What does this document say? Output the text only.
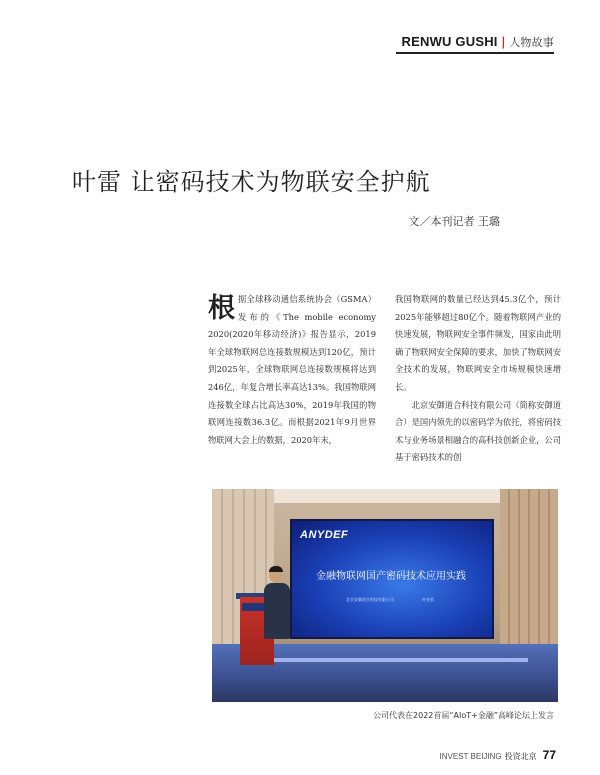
RENWU GUSHI | 人物故事
叶雷 让密码技术为物联安全护航
文／本刊记者 王璐
根据全球移动通信系统协会（GSMA）发布的《The mobile economy 2020(2020年移动经济)》报告显示，2019年全球物联网总连接数规模达到120亿，预计到2025年，全球物联网总连接数规模将达到246亿，年复合增长率高达13%。我国物联网连接数全球占比高达30%，2019年我国的物联网连接数36.3亿。而根据2021年9月世界物联网大会上的数据，2020年末，
我国物联网的数量已经达到45.3亿个，预计2025年能够超过80亿个。随着物联网产业的快速发展，物联网安全事件频发，国家由此明确了物联网安全保障的要求，加快了物联网安全技术的发展，物联网安全市场规模快速增长。
北京安御道合科技有限公司（简称安御道合）是国内领先的以密码学为依托，将密码技术与业务场景相融合的高科技创新企业，公司基于密码技术的创
ANYDEF
金融物联网国产密码技术应用实践
北京安御道合科技有限公司	叶金雷
公司代表在2022首届“AIoT+金融”高峰论坛上发言
INVEST BEIJING 投资北京 77
